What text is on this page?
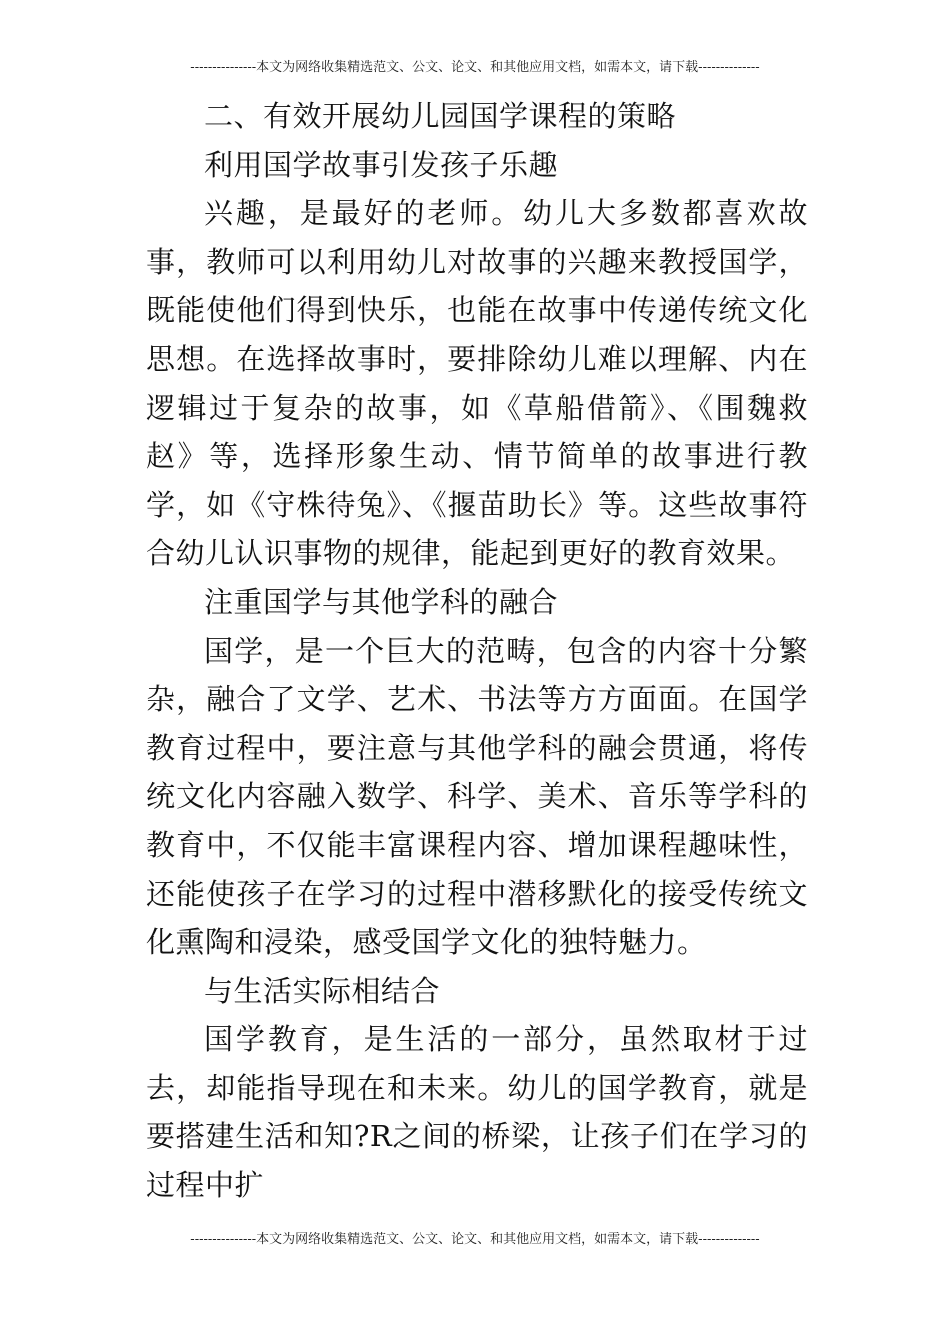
---------------本文为网络收集精选范文、公文、论文、和其他应用文档，如需本文，请下载--------------

二、有效开展幼儿园国学课程的策略

利用国学故事引发孩子乐趣

兴趣，是最好的老师。幼儿大多数都喜欢故事，教师可以利用幼儿对故事的兴趣来教授国学，既能使他们得到快乐，也能在故事中传递传统文化思想。在选择故事时，要排除幼儿难以理解、内在逻辑过于复杂的故事，如《草船借箭》、《围魏救赵》等，选择形象生动、情节简单的故事进行教学，如《守株待兔》、《揠苗助长》等。这些故事符合幼儿认识事物的规律，能起到更好的教育效果。

注重国学与其他学科的融合

国学，是一个巨大的范畴，包含的内容十分繁杂，融合了文学、艺术、书法等方方面面。在国学教育过程中，要注意与其他学科的融会贯通，将传统文化内容融入数学、科学、美术、音乐等学科的教育中，不仅能丰富课程内容、增加课程趣味性，还能使孩子在学习的过程中潜移默化的接受传统文化熏陶和浸染，感受国学文化的独特魅力。

与生活实际相结合

国学教育，是生活的一部分，虽然取材于过去，却能指导现在和未来。幼儿的国学教育，就是要搭建生活和知?R之间的桥梁，让孩子们在学习的过程中扩

---------------本文为网络收集精选范文、公文、论文、和其他应用文档，如需本文，请下载--------------
